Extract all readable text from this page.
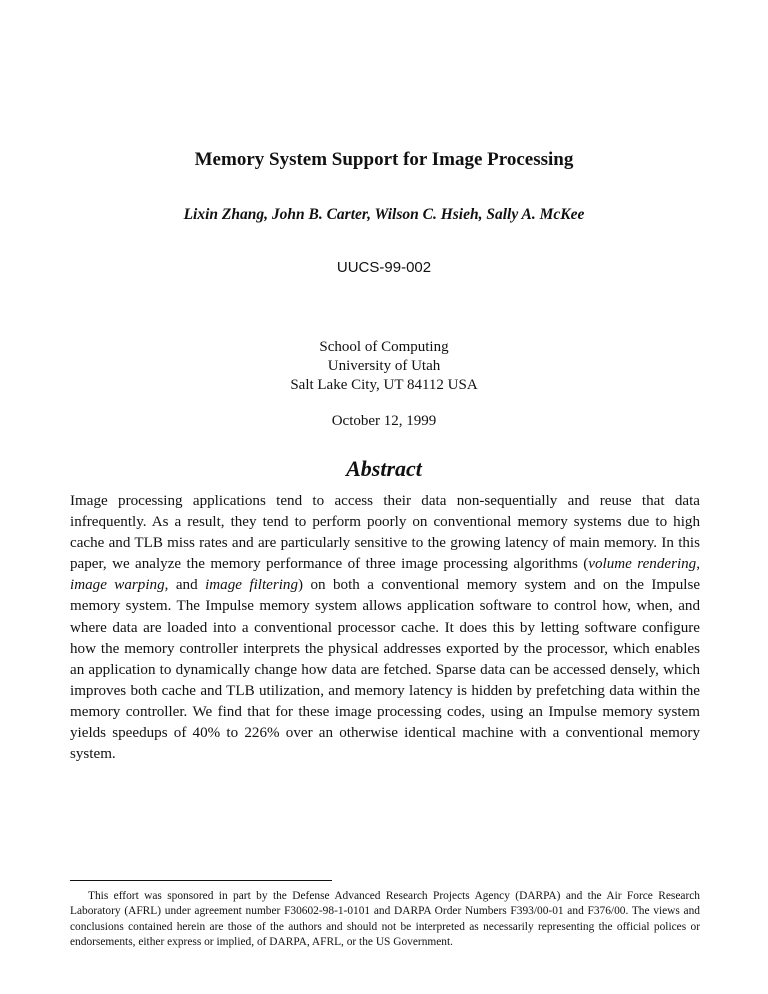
Memory System Support for Image Processing
Lixin Zhang, John B. Carter, Wilson C. Hsieh, Sally A. McKee
UUCS-99-002
School of Computing
University of Utah
Salt Lake City, UT 84112 USA
October 12, 1999
Abstract

Image processing applications tend to access their data non-sequentially and reuse that data infrequently. As a result, they tend to perform poorly on conventional memory systems due to high cache and TLB miss rates and are particularly sensitive to the growing latency of main memory. In this paper, we analyze the memory performance of three image processing algorithms (volume rendering, image warping, and image filtering) on both a conventional memory system and on the Impulse memory system. The Impulse memory system allows application software to control how, when, and where data are loaded into a conventional processor cache. It does this by letting software configure how the memory controller interprets the physical addresses exported by the processor, which enables an application to dynamically change how data are fetched. Sparse data can be accessed densely, which improves both cache and TLB utilization, and memory latency is hidden by prefetching data within the memory controller. We find that for these image processing codes, using an Impulse memory system yields speedups of 40% to 226% over an otherwise identical machine with a conventional memory system.

This effort was sponsored in part by the Defense Advanced Research Projects Agency (DARPA) and the Air Force Research Laboratory (AFRL) under agreement number F30602-98-1-0101 and DARPA Order Numbers F393/00-01 and F376/00. The views and conclusions contained herein are those of the authors and should not be interpreted as necessarily representing the official polices or endorsements, either express or implied, of DARPA, AFRL, or the US Government.
